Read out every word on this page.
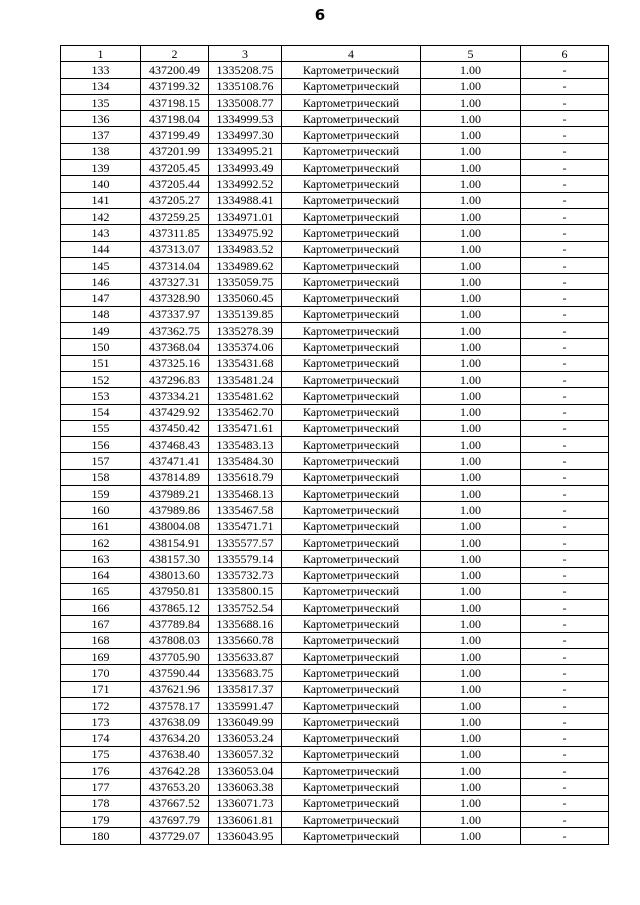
6
1	2	3	4	5	6
133	437200.49	1335208.75	Картометрический	1.00	-
134	437199.32	1335108.76	Картометрический	1.00	-
135	437198.15	1335008.77	Картометрический	1.00	-
136	437198.04	1334999.53	Картометрический	1.00	-
137	437199.49	1334997.30	Картометрический	1.00	-
138	437201.99	1334995.21	Картометрический	1.00	-
139	437205.45	1334993.49	Картометрический	1.00	-
140	437205.44	1334992.52	Картометрический	1.00	-
141	437205.27	1334988.41	Картометрический	1.00	-
142	437259.25	1334971.01	Картометрический	1.00	-
143	437311.85	1334975.92	Картометрический	1.00	-
144	437313.07	1334983.52	Картометрический	1.00	-
145	437314.04	1334989.62	Картометрический	1.00	-
146	437327.31	1335059.75	Картометрический	1.00	-
147	437328.90	1335060.45	Картометрический	1.00	-
148	437337.97	1335139.85	Картометрический	1.00	-
149	437362.75	1335278.39	Картометрический	1.00	-
150	437368.04	1335374.06	Картометрический	1.00	-
151	437325.16	1335431.68	Картометрический	1.00	-
152	437296.83	1335481.24	Картометрический	1.00	-
153	437334.21	1335481.62	Картометрический	1.00	-
154	437429.92	1335462.70	Картометрический	1.00	-
155	437450.42	1335471.61	Картометрический	1.00	-
156	437468.43	1335483.13	Картометрический	1.00	-
157	437471.41	1335484.30	Картометрический	1.00	-
158	437814.89	1335618.79	Картометрический	1.00	-
159	437989.21	1335468.13	Картометрический	1.00	-
160	437989.86	1335467.58	Картометрический	1.00	-
161	438004.08	1335471.71	Картометрический	1.00	-
162	438154.91	1335577.57	Картометрический	1.00	-
163	438157.30	1335579.14	Картометрический	1.00	-
164	438013.60	1335732.73	Картометрический	1.00	-
165	437950.81	1335800.15	Картометрический	1.00	-
166	437865.12	1335752.54	Картометрический	1.00	-
167	437789.84	1335688.16	Картометрический	1.00	-
168	437808.03	1335660.78	Картометрический	1.00	-
169	437705.90	1335633.87	Картометрический	1.00	-
170	437590.44	1335683.75	Картометрический	1.00	-
171	437621.96	1335817.37	Картометрический	1.00	-
172	437578.17	1335991.47	Картометрический	1.00	-
173	437638.09	1336049.99	Картометрический	1.00	-
174	437634.20	1336053.24	Картометрический	1.00	-
175	437638.40	1336057.32	Картометрический	1.00	-
176	437642.28	1336053.04	Картометрический	1.00	-
177	437653.20	1336063.38	Картометрический	1.00	-
178	437667.52	1336071.73	Картометрический	1.00	-
179	437697.79	1336061.81	Картометрический	1.00	-
180	437729.07	1336043.95	Картометрический	1.00	-
